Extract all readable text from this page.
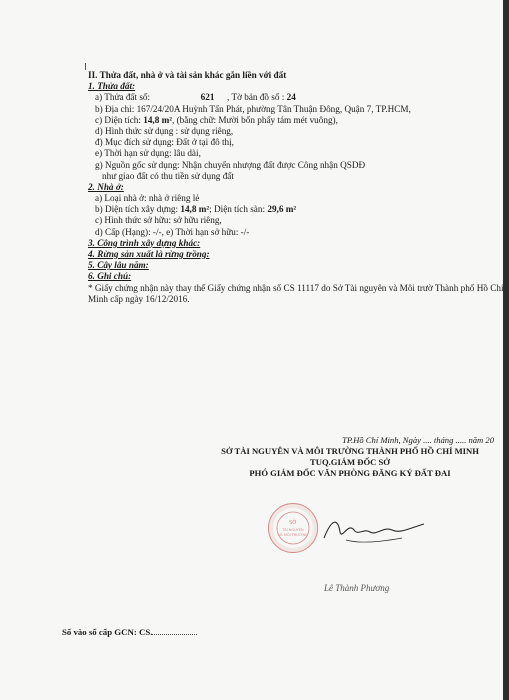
II. Thửa đất, nhà ở và tài sản khác gắn liền với đất
1. Thửa đất:
a) Thửa đất số:	621 , Tờ bản đồ số : 24
b) Địa chỉ: 167/24/20A Huỳnh Tấn Phát, phường Tân Thuận Đông, Quận 7, TP.HCM,
c) Diện tích: 14,8 m², (bằng chữ: Mười bốn phẩy tám mét vuông),
d) Hình thức sử dụng : sử dụng riêng,
đ) Mục đích sử dụng: Đất ở tại đô thị,
e) Thời hạn sử dụng: lâu dài,
g) Nguồn gốc sử dụng: Nhận chuyển nhượng đất được Công nhận QSDĐ
như giao đất có thu tiền sử dụng đất
2. Nhà ở:
a) Loại nhà ở: nhà ở riêng lẻ
b) Diện tích xây dựng: 14,8 m²; Diện tích sàn: 29,6 m²
c) Hình thức sở hữu: sở hữu riêng,
d) Cấp (Hạng): -/-, e) Thời hạn sở hữu: -/-
3. Công trình xây dựng khác:
4. Rừng sản xuất là rừng trồng:
5. Cây lâu năm:
6. Ghi chú:
* Giấy chứng nhận này thay thế Giấy chứng nhận số CS 11117 do Sở Tài nguyên và Môi trườ Thành phố Hồ Chí Minh cấp ngày 16/12/2016.
TP.Hồ Chí Minh, Ngày .... tháng ..... năm 20
SỞ TÀI NGUYÊN VÀ MÔI TRƯỜNG THÀNH PHỐ HỒ CHÍ MINH
TUQ.GIÁM ĐỐC SỞ
PHÓ GIÁM ĐỐC VĂN PHÒNG ĐĂNG KÝ ĐẤT ĐAI
SỞ
TÀI NGUYÊN
VÀ MÔI TRƯỜNG
Lê Thành Phương
Số vào sổ cấp GCN: CS.
